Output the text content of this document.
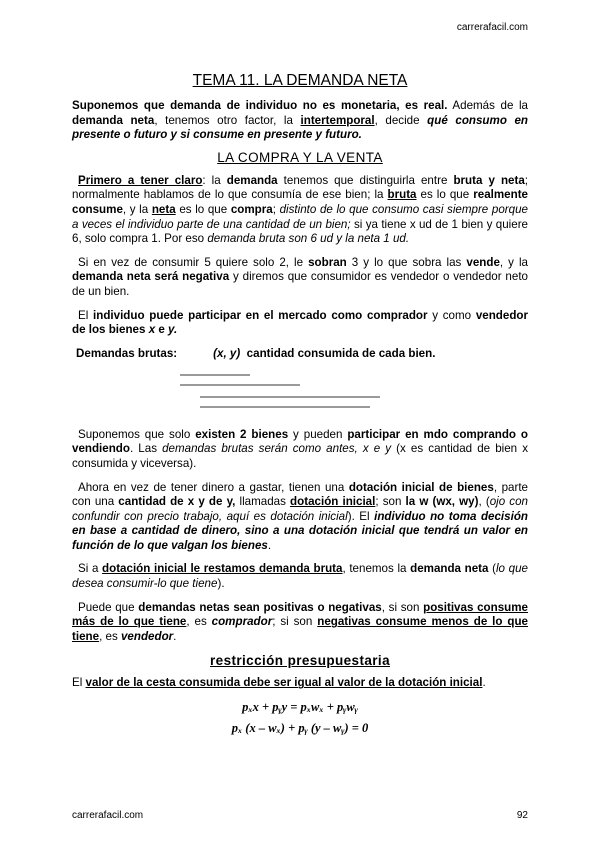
carrerafacil.com
TEMA 11. LA DEMANDA NETA

Suponemos que demanda de individuo no es monetaria, es real. Además de la demanda neta, tenemos otro factor, la intertemporal, decide qué consumo en presente o futuro y si consume en presente y futuro.

LA COMPRA Y LA VENTA

Primero a tener claro: la demanda tenemos que distinguirla entre bruta y neta; normalmente hablamos de lo que consumía de ese bien; la bruta es lo que realmente consume, y la neta es lo que compra; distinto de lo que consumo casi siempre porque a veces el individuo parte de una cantidad de un bien; si ya tiene x ud de 1 bien y quiere 6, solo compra 1. Por eso demanda bruta son 6 ud y la neta 1 ud.

Si en vez de consumir 5 quiere solo 2, le sobran 3 y lo que sobra las vende, y la demanda neta será negativa y diremos que consumidor es vendedor o vendedor neto de un bien.

El individuo puede participar en el mercado como comprador y como vendedor de los bienes x e y.

Demandas brutas:	(x, y) cantidad consumida de cada bien.

Suponemos que solo existen 2 bienes y pueden participar en mdo comprando o vendiendo. Las demandas brutas serán como antes, x e y (x es cantidad de bien x consumida y viceversa).

Ahora en vez de tener dinero a gastar, tienen una dotación inicial de bienes, parte con una cantidad de x y de y, llamadas dotación inicial; son la w (wx, wy), (ojo con confundir con precio trabajo, aquí es dotación inicial). El individuo no toma decisión en base a cantidad de dinero, sino a una dotación inicial que tendrá un valor en función de lo que valgan los bienes.

Si a dotación inicial le restamos demanda bruta, tenemos la demanda neta (lo que desea consumir-lo que tiene).

Puede que demandas netas sean positivas o negativas, si son positivas consume más de lo que tiene, es comprador; si son negativas consume menos de lo que tiene, es vendedor.

restricción presupuestaria

El valor de la cesta consumida debe ser igual al valor de la dotación inicial.

pₓx + pᵧy = pₓwₓ + pᵧwᵧ
pₓ (x – wₓ) + pᵧ (y – wᵧ) = 0
carrerafacil.com	92
